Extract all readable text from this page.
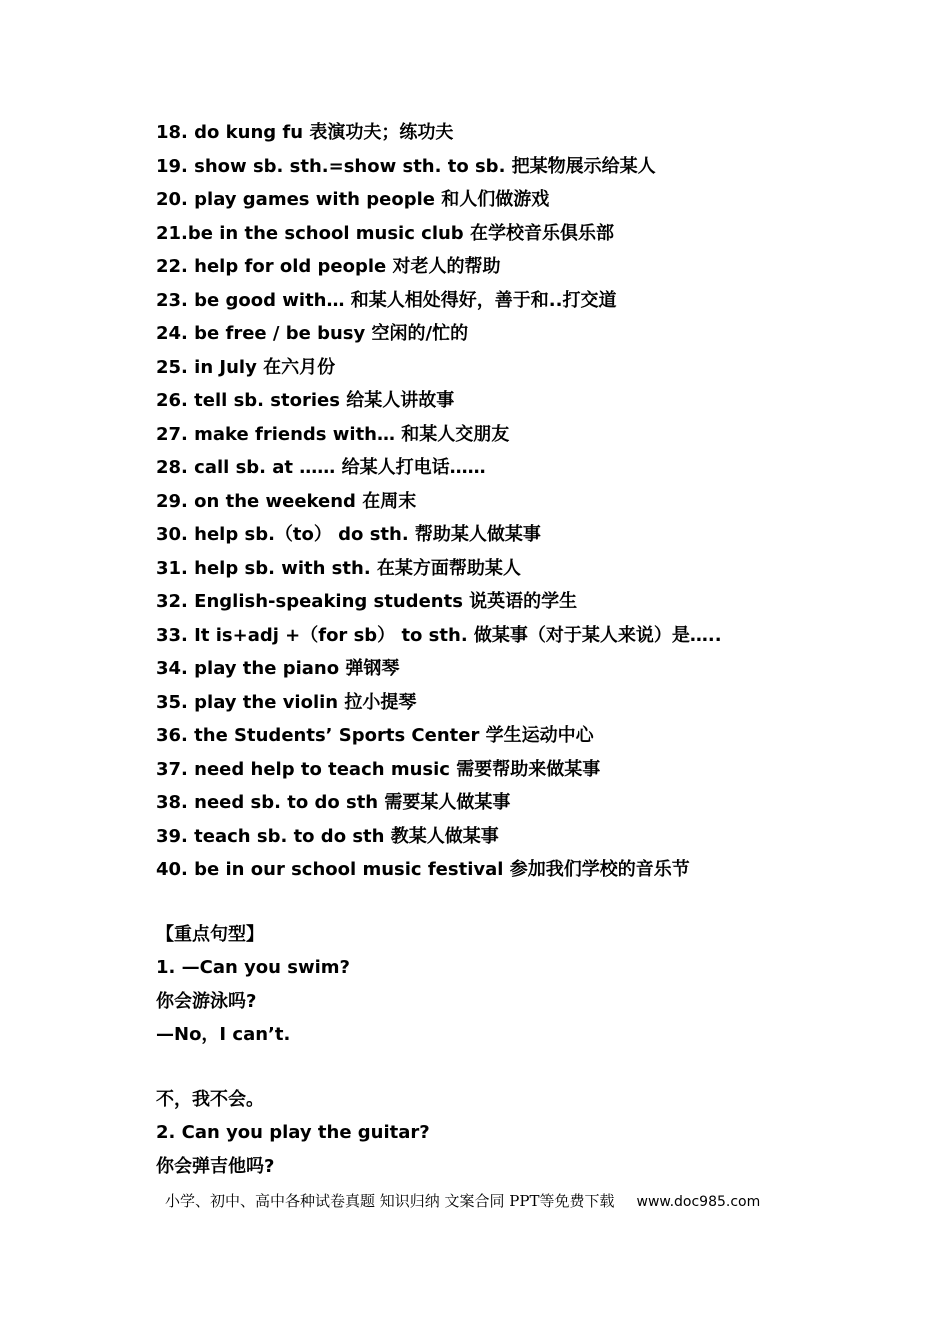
18. do kung fu 表演功夫；练功夫
19. show sb. sth.=show sth. to sb. 把某物展示给某人
20. play games with people 和人们做游戏
21.be in the school music club 在学校音乐俱乐部
22. help for old people 对老人的帮助
23. be good with… 和某人相处得好，善于和..打交道
24. be free / be busy 空闲的/忙的
25. in July 在六月份
26. tell sb. stories 给某人讲故事
27. make friends with… 和某人交朋友
28. call sb. at …… 给某人打电话……
29. on the weekend 在周末
30. help sb.（to） do sth. 帮助某人做某事
31. help sb. with sth. 在某方面帮助某人
32. English-speaking students 说英语的学生
33. It is+adj +（for sb） to sth. 做某事（对于某人来说）是…..
34. play the piano 弹钢琴
35. play the violin 拉小提琴
36. the Students’ Sports Center 学生运动中心
37. need help to teach music 需要帮助来做某事
38. need sb. to do sth 需要某人做某事
39. teach sb. to do sth 教某人做某事
40. be in our school music festival 参加我们学校的音乐节
【重点句型】
1. —Can you swim?
你会游泳吗?
—No，I can’t.
不，我不会。
2. Can you play the guitar?
你会弹吉他吗?
小学、初中、高中各种试卷真题 知识归纳 文案合同 PPT等免费下载 www.doc985.com
